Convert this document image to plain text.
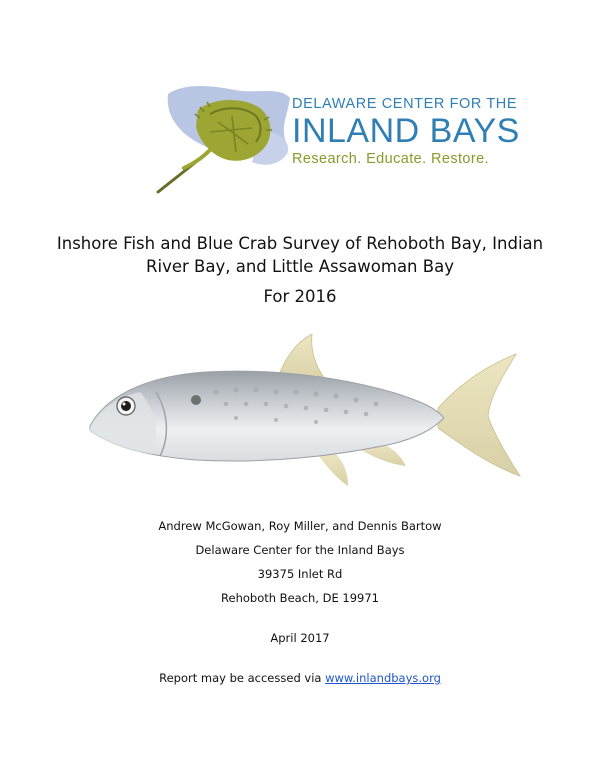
DELAWARE CENTER FOR THE
INLAND BAYS
Research. Educate. Restore.
Inshore Fish and Blue Crab Survey of Rehoboth Bay, Indian
River Bay, and Little Assawoman Bay
For 2016
Andrew McGowan, Roy Miller, and Dennis Bartow
Delaware Center for the Inland Bays
39375 Inlet Rd
Rehoboth Beach, DE 19971
April 2017
Report may be accessed via www.inlandbays.org
